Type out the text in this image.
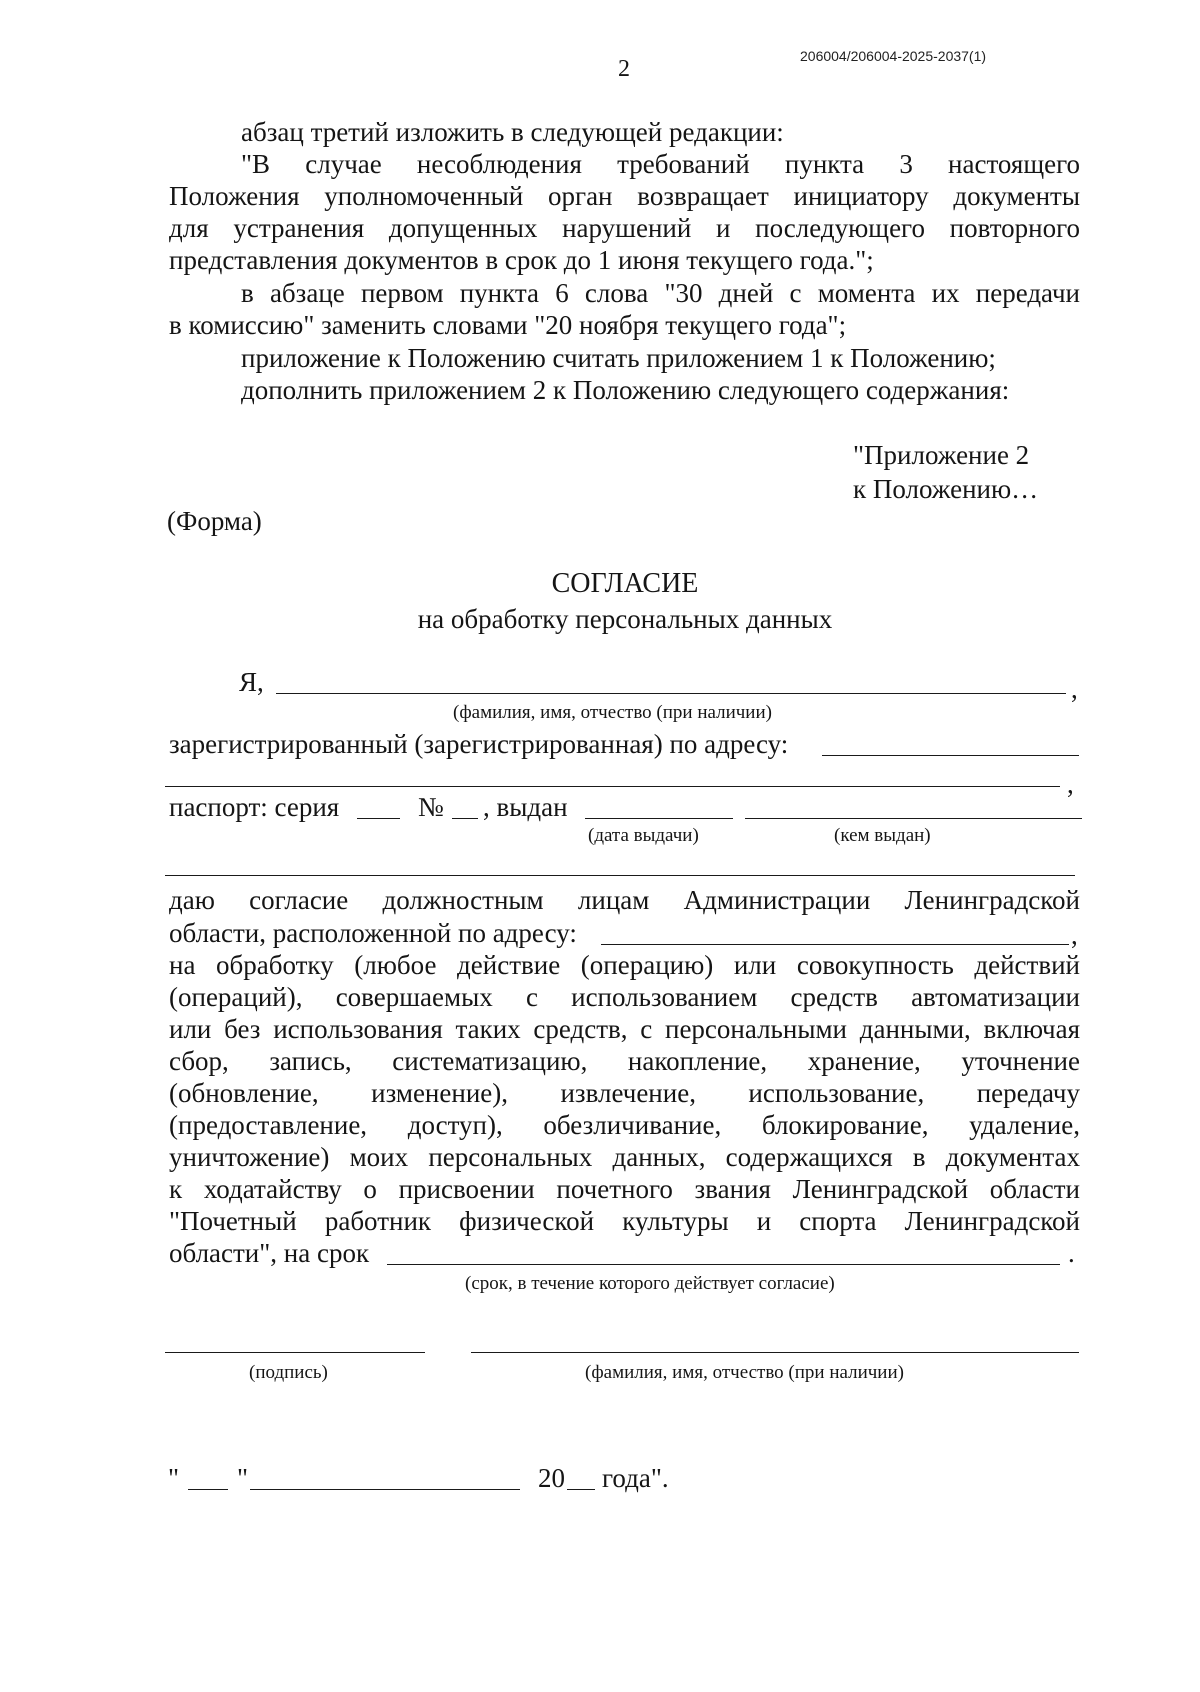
206004/206004-2025-2037(1)
2
абзац третий изложить в следующей редакции:
"В случае несоблюдения требований пункта 3 настоящего
Положения уполномоченный орган возвращает инициатору документы
для устранения допущенных нарушений и последующего повторного
представления документов в срок до 1 июня текущего года.";
в абзаце первом пункта 6 слова "30 дней с момента их передачи
в комиссию" заменить словами "20 ноября текущего года";
приложение к Положению считать приложением 1 к Положению;
дополнить приложением 2 к Положению следующего содержания:
"Приложение 2
к Положению…
(Форма)
СОГЛАСИЕ
на обработку персональных данных
Я,	,
(фамилия, имя, отчество (при наличии)
зарегистрированный (зарегистрированная) по адресу:
,
паспорт: серия	№ , выдан
(дата выдачи)	(кем выдан)
даю согласие должностным лицам Администрации Ленинградской
области, расположенной по адресу:	,
на обработку (любое действие (операцию) или совокупность действий
(операций), совершаемых с использованием средств автоматизации
или без использования таких средств, с персональными данными, включая
сбор, запись, систематизацию, накопление, хранение, уточнение
(обновление, изменение), извлечение, использование, передачу
(предоставление, доступ), обезличивание, блокирование, удаление,
уничтожение) моих персональных данных, содержащихся в документах
к ходатайству о присвоении почетного звания Ленинградской области
"Почетный работник физической культуры и спорта Ленинградской
области", на срок	.
(срок, в течение которого действует согласие)
(подпись)	(фамилия, имя, отчество (при наличии)
" "	20 года".
